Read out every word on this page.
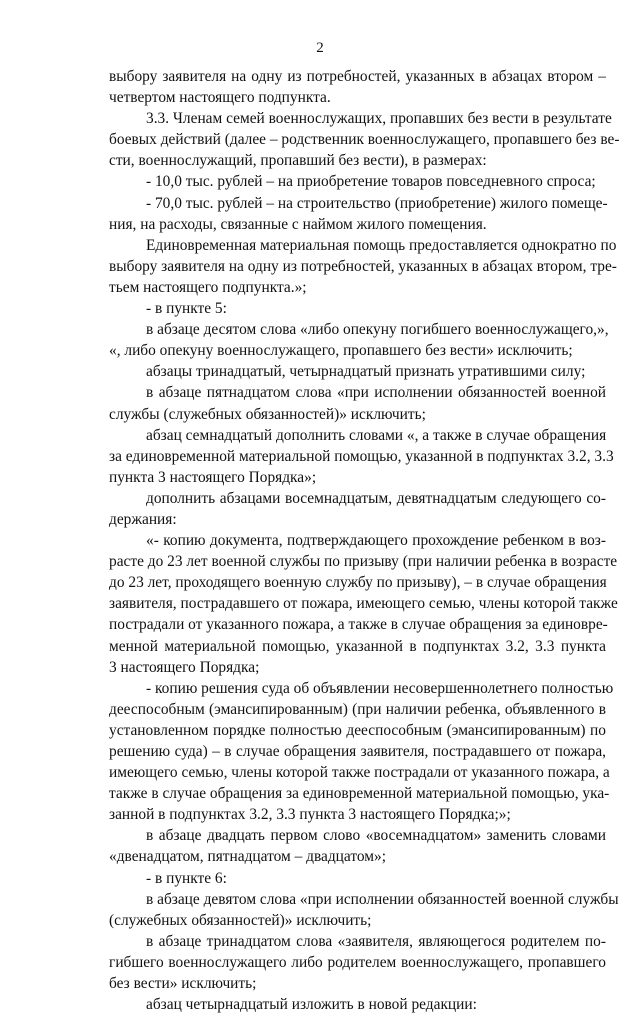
2
выбору заявителя на одну из потребностей, указанных в абзацах втором –
четвертом настоящего подпункта.
3.3. Членам семей военнослужащих, пропавших без вести в результате
боевых действий (далее – родственник военнослужащего, пропавшего без ве-
сти, военнослужащий, пропавший без вести), в размерах:
- 10,0 тыс. рублей – на приобретение товаров повседневного спроса;
- 70,0 тыс. рублей – на строительство (приобретение) жилого помеще-
ния, на расходы, связанные с наймом жилого помещения.
Единовременная материальная помощь предоставляется однократно по
выбору заявителя на одну из потребностей, указанных в абзацах втором, тре-
тьем настоящего подпункта.»;
- в пункте 5:
в абзаце десятом слова «либо опекуну погибшего военнослужащего,»,
«, либо опекуну военнослужащего, пропавшего без вести» исключить;
абзацы тринадцатый, четырнадцатый признать утратившими силу;
в абзаце пятнадцатом слова «при исполнении обязанностей военной
службы (служебных обязанностей)» исключить;
абзац семнадцатый дополнить словами «, а также в случае обращения
за единовременной материальной помощью, указанной в подпунктах 3.2, 3.3
пункта 3 настоящего Порядка»;
дополнить абзацами восемнадцатым, девятнадцатым следующего со-
держания:
«- копию документа, подтверждающего прохождение ребенком в воз-
расте до 23 лет военной службы по призыву (при наличии ребенка в возрасте
до 23 лет, проходящего военную службу по призыву), – в случае обращения
заявителя, пострадавшего от пожара, имеющего семью, члены которой также
пострадали от указанного пожара, а также в случае обращения за единовре-
менной материальной помощью, указанной в подпунктах 3.2, 3.3 пункта
3 настоящего Порядка;
- копию решения суда об объявлении несовершеннолетнего полностью
дееспособным (эмансипированным) (при наличии ребенка, объявленного в
установленном порядке полностью дееспособным (эмансипированным) по
решению суда) – в случае обращения заявителя, пострадавшего от пожара,
имеющего семью, члены которой также пострадали от указанного пожара, а
также в случае обращения за единовременной материальной помощью, ука-
занной в подпунктах 3.2, 3.3 пункта 3 настоящего Порядка;»;
в абзаце двадцать первом слово «восемнадцатом» заменить словами
«двенадцатом, пятнадцатом – двадцатом»;
- в пункте 6:
в абзаце девятом слова «при исполнении обязанностей военной службы
(служебных обязанностей)» исключить;
в абзаце тринадцатом слова «заявителя, являющегося родителем по-
гибшего военнослужащего либо родителем военнослужащего, пропавшего
без вести» исключить;
абзац четырнадцатый изложить в новой редакции:
